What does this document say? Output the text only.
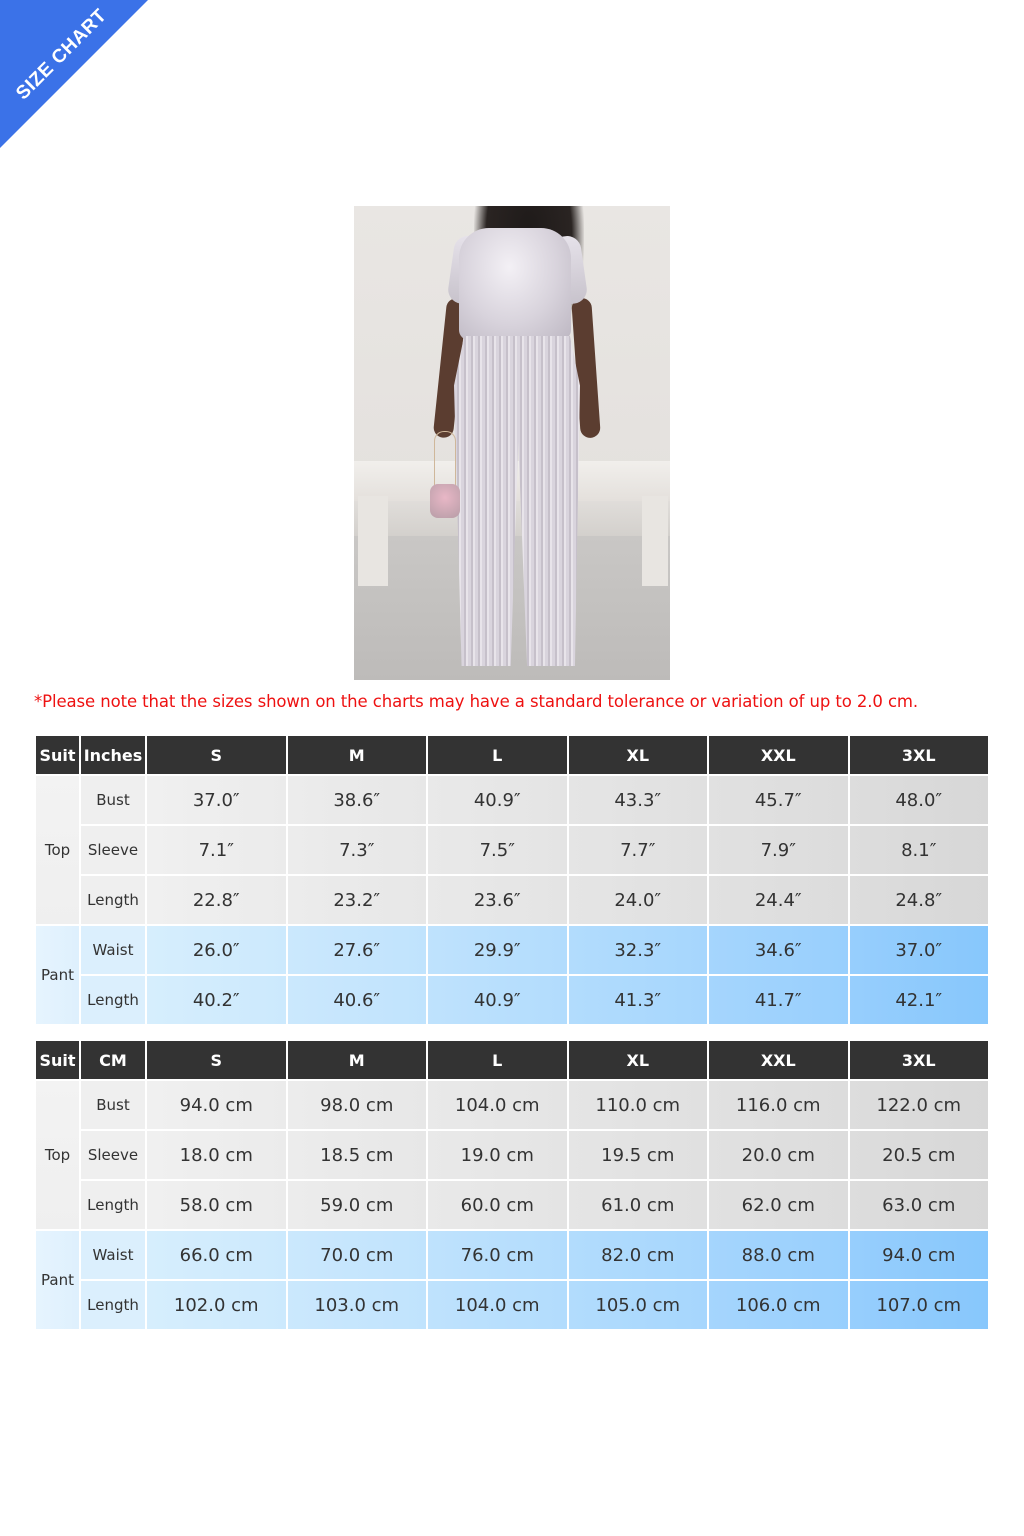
SIZE CHART
*Please note that the sizes shown on the charts may have a standard tolerance or variation of up to 2.0 cm.
Suit	Inches	S	M	L	XL	XXL	3XL
Top	Bust	37.0″	38.6″	40.9″	43.3″	45.7″	48.0″
	Sleeve	7.1″	7.3″	7.5″	7.7″	7.9″	8.1″
	Length	22.8″	23.2″	23.6″	24.0″	24.4″	24.8″
Pant	Waist	26.0″	27.6″	29.9″	32.3″	34.6″	37.0″
	Length	40.2″	40.6″	40.9″	41.3″	41.7″	42.1″
Suit	CM	S	M	L	XL	XXL	3XL
Top	Bust	94.0 cm	98.0 cm	104.0 cm	110.0 cm	116.0 cm	122.0 cm
	Sleeve	18.0 cm	18.5 cm	19.0 cm	19.5 cm	20.0 cm	20.5 cm
	Length	58.0 cm	59.0 cm	60.0 cm	61.0 cm	62.0 cm	63.0 cm
Pant	Waist	66.0 cm	70.0 cm	76.0 cm	82.0 cm	88.0 cm	94.0 cm
	Length	102.0 cm	103.0 cm	104.0 cm	105.0 cm	106.0 cm	107.0 cm
